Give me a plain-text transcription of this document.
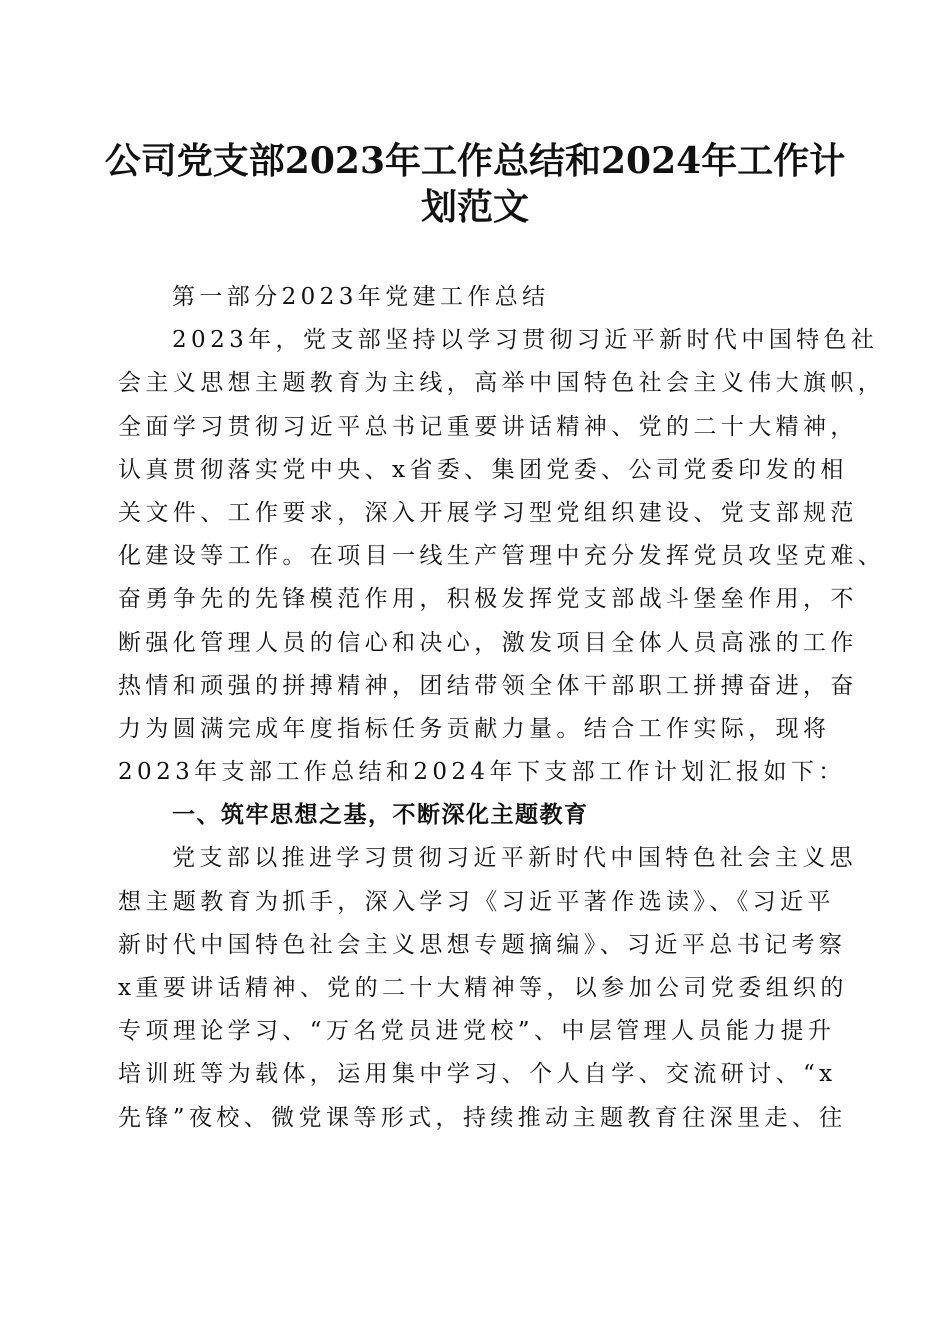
公司党支部2023年工作总结和2024年工作计
划范文
第一部分2023年党建工作总结
2023年，党支部坚持以学习贯彻习近平新时代中国特色社
会主义思想主题教育为主线，高举中国特色社会主义伟大旗帜，
全面学习贯彻习近平总书记重要讲话精神、党的二十大精神，
认真贯彻落实党中央、x省委、集团党委、公司党委印发的相
关文件、工作要求，深入开展学习型党组织建设、党支部规范
化建设等工作。在项目一线生产管理中充分发挥党员攻坚克难、
奋勇争先的先锋模范作用，积极发挥党支部战斗堡垒作用，不
断强化管理人员的信心和决心，激发项目全体人员高涨的工作
热情和顽强的拼搏精神，团结带领全体干部职工拼搏奋进，奋
力为圆满完成年度指标任务贡献力量。结合工作实际，现将
2023年支部工作总结和2024年下支部工作计划汇报如下：
一、筑牢思想之基，不断深化主题教育
党支部以推进学习贯彻习近平新时代中国特色社会主义思
想主题教育为抓手，深入学习《习近平著作选读》、《习近平
新时代中国特色社会主义思想专题摘编》、习近平总书记考察
x重要讲话精神、党的二十大精神等，以参加公司党委组织的
专项理论学习、“万名党员进党校”、中层管理人员能力提升
培训班等为载体，运用集中学习、个人自学、交流研讨、“x
先锋”夜校、微党课等形式，持续推动主题教育往深里走、往
